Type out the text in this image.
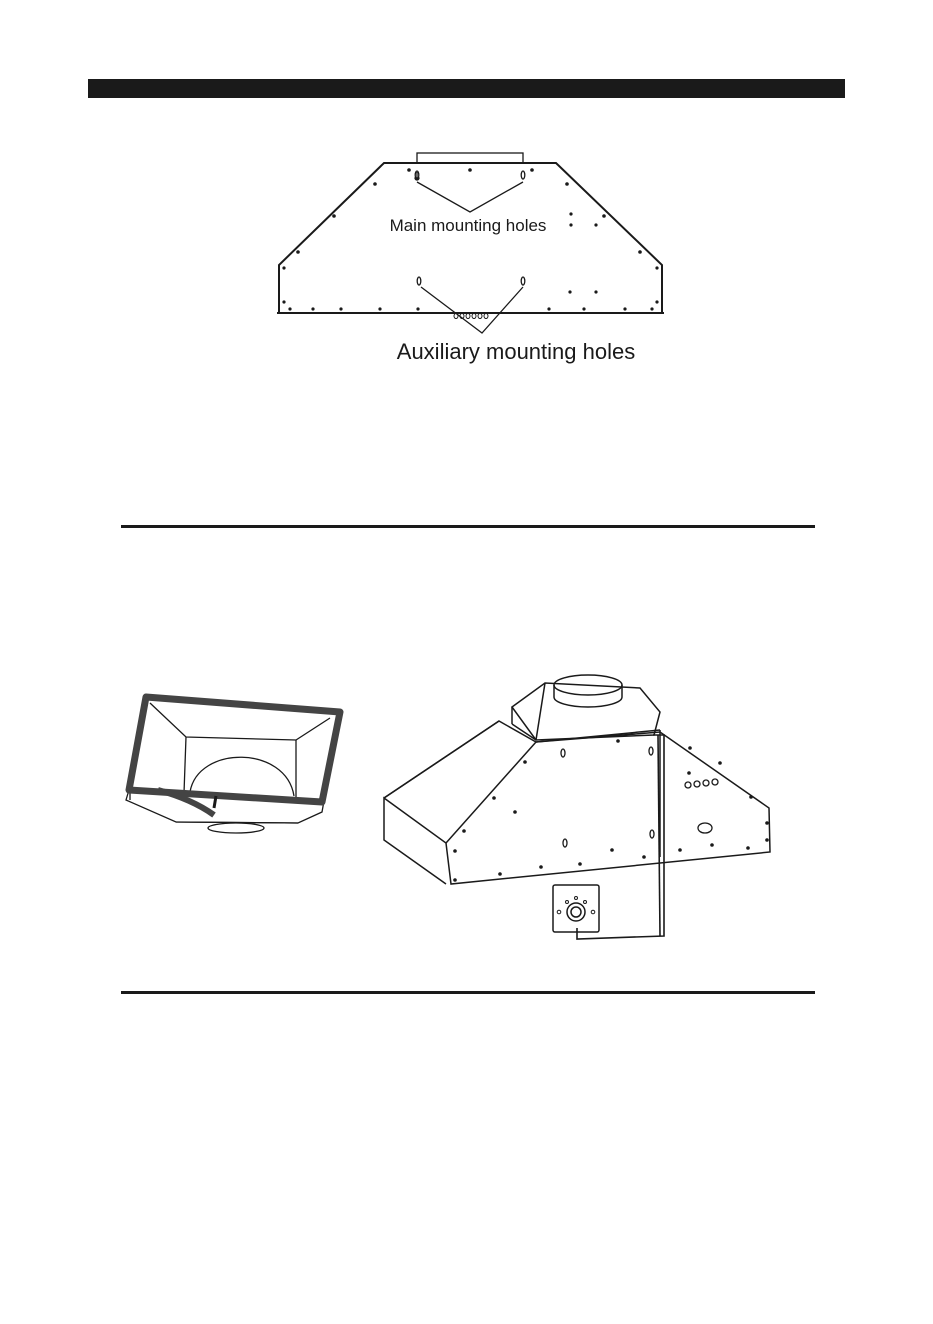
Main mounting holes
Auxiliary mounting holes
